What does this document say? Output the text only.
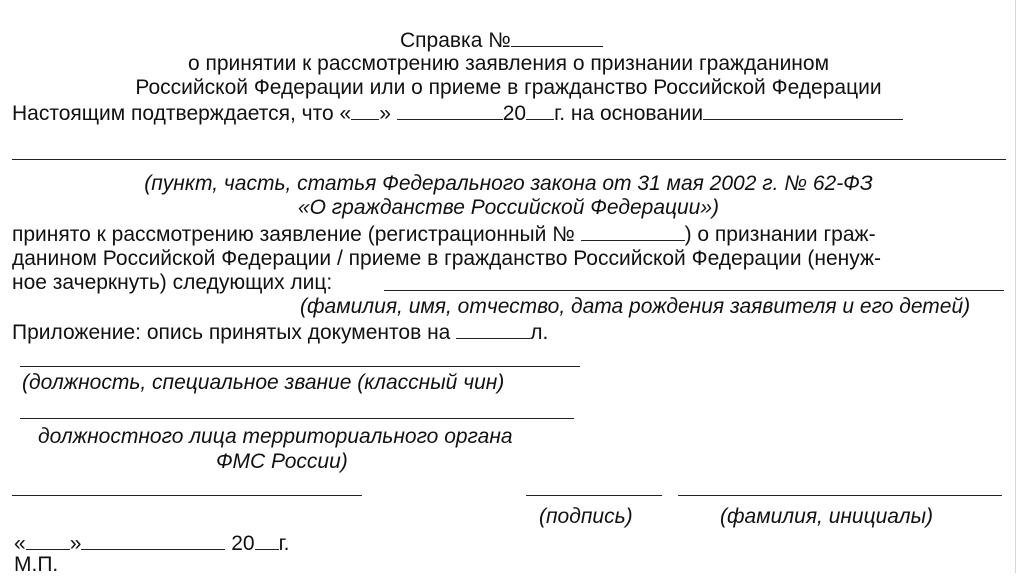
Справка №
о принятии к рассмотрению заявления о признании гражданином
Российской Федерации или о приеме в гражданство Российской Федерации
Настоящим подтверждается, что « »	20 г. на основании
(пункт, часть, статья Федерального закона от 31 мая 2002 г. № 62-ФЗ
«О гражданстве Российской Федерации»)
принято к рассмотрению заявление (регистрационный №	) о признании граж-
данином Российской Федерации / приеме в гражданство Российской Федерации (ненуж-
ное зачеркнуть) следующих лиц:
(фамилия, имя, отчество, дата рождения заявителя и его детей)
Приложение: опись принятых документов на	л.
(должность, специальное звание (классный чин)
должностного лица территориального органа
ФМС России)
(подпись)	(фамилия, инициалы)
« »	20 г.
М.П.
